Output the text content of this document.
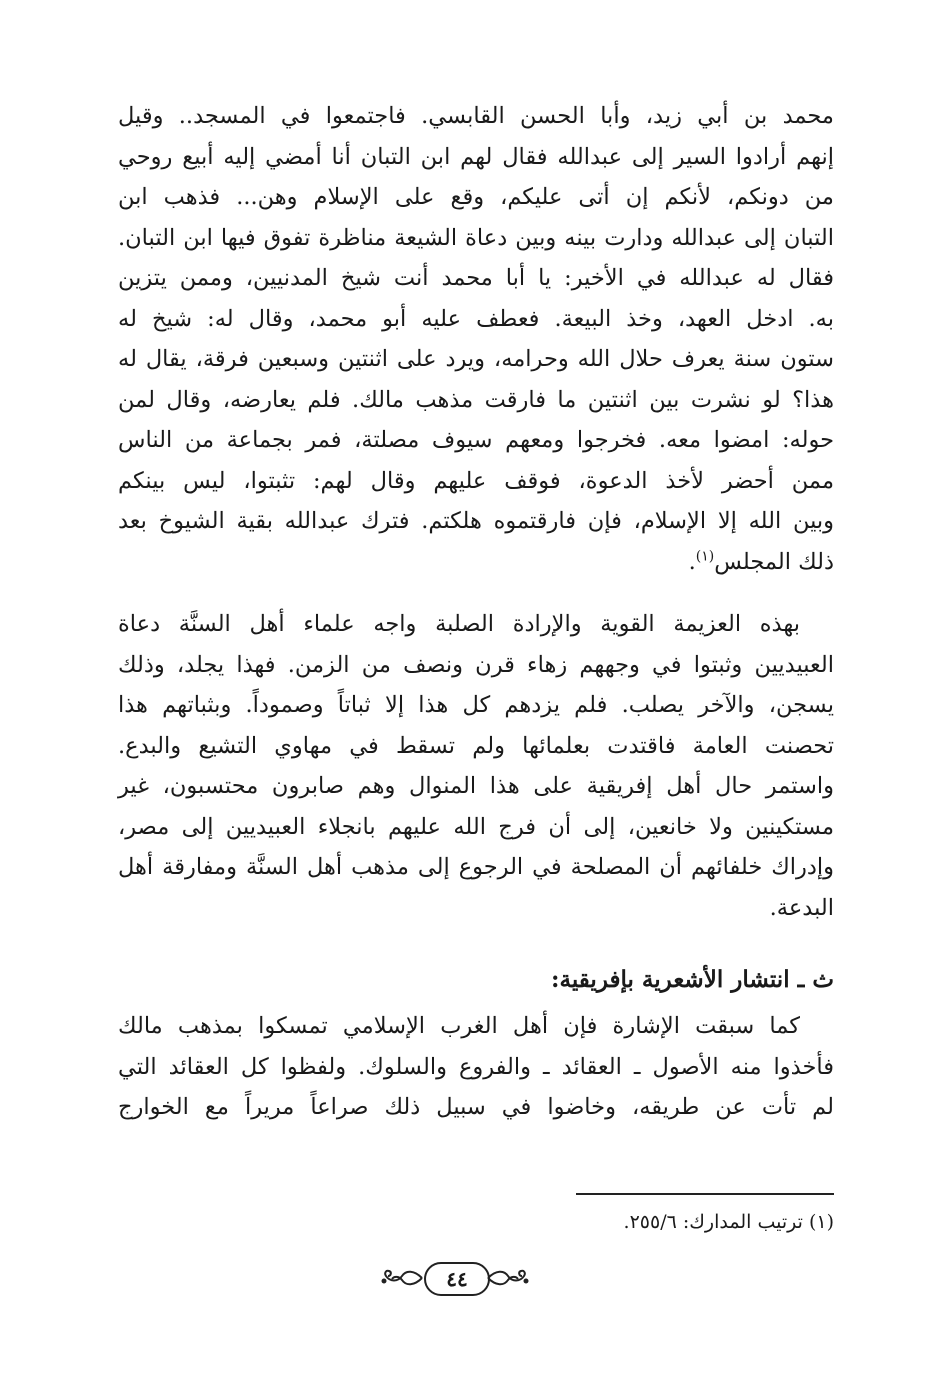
محمد بن أبي زيد، وأبا الحسن القابسي. فاجتمعوا في المسجد.. وقيل
إنهم أرادوا السير إلى عبدالله فقال لهم ابن التبان أنا أمضي إليه أبيع روحي
من دونكم، لأنكم إن أتى عليكم، وقع على الإسلام وهن... فذهب ابن
التبان إلى عبدالله ودارت بينه وبين دعاة الشيعة مناظرة تفوق فيها ابن التبان.
فقال له عبدالله في الأخير: يا أبا محمد أنت شيخ المدنيين، وممن يتزين
به. ادخل العهد، وخذ البيعة. فعطف عليه أبو محمد، وقال له: شيخ له
ستون سنة يعرف حلال الله وحرامه، ويرد على اثنتين وسبعين فرقة، يقال له
هذا؟ لو نشرت بين اثنتين ما فارقت مذهب مالك. فلم يعارضه، وقال لمن
حوله: امضوا معه. فخرجوا ومعهم سيوف مصلتة، فمر بجماعة من الناس
ممن أحضر لأخذ الدعوة، فوقف عليهم وقال لهم: تثبتوا، ليس بينكم
وبين الله إلا الإسلام، فإن فارقتموه هلكتم. فترك عبدالله بقية الشيوخ بعد
ذلك المجلس$^{(١)}$.
بهذه العزيمة القوية والإرادة الصلبة واجه علماء أهل السنَّة دعاة
العبيديين وثبتوا في وجههم زهاء قرن ونصف من الزمن. فهذا يجلد، وذلك
يسجن، والآخر يصلب. فلم يزدهم كل هذا إلا ثباتاً وصموداً. وبثباتهم هذا
تحصنت العامة فاقتدت بعلمائها ولم تسقط في مهاوي التشيع والبدع.
واستمر حال أهل إفريقية على هذا المنوال وهم صابرون محتسبون، غير
مستكينين ولا خانعين، إلى أن فرج الله عليهم بانجلاء العبيديين إلى مصر،
وإدراك خلفائهم أن المصلحة في الرجوع إلى مذهب أهل السنَّة ومفارقة أهل
البدعة.
ث ـ انتشار الأشعرية بإفريقية:
كما سبقت الإشارة فإن أهل الغرب الإسلامي تمسكوا بمذهب مالك
فأخذوا منه الأصول ـ العقائد ـ والفروع والسلوك. ولفظوا كل العقائد التي
لم تأت عن طريقه، وخاضوا في سبيل ذلك صراعاً مريراً مع الخوارج
(١) ترتيب المدارك: ٢٥٥/٦.
٤٤
